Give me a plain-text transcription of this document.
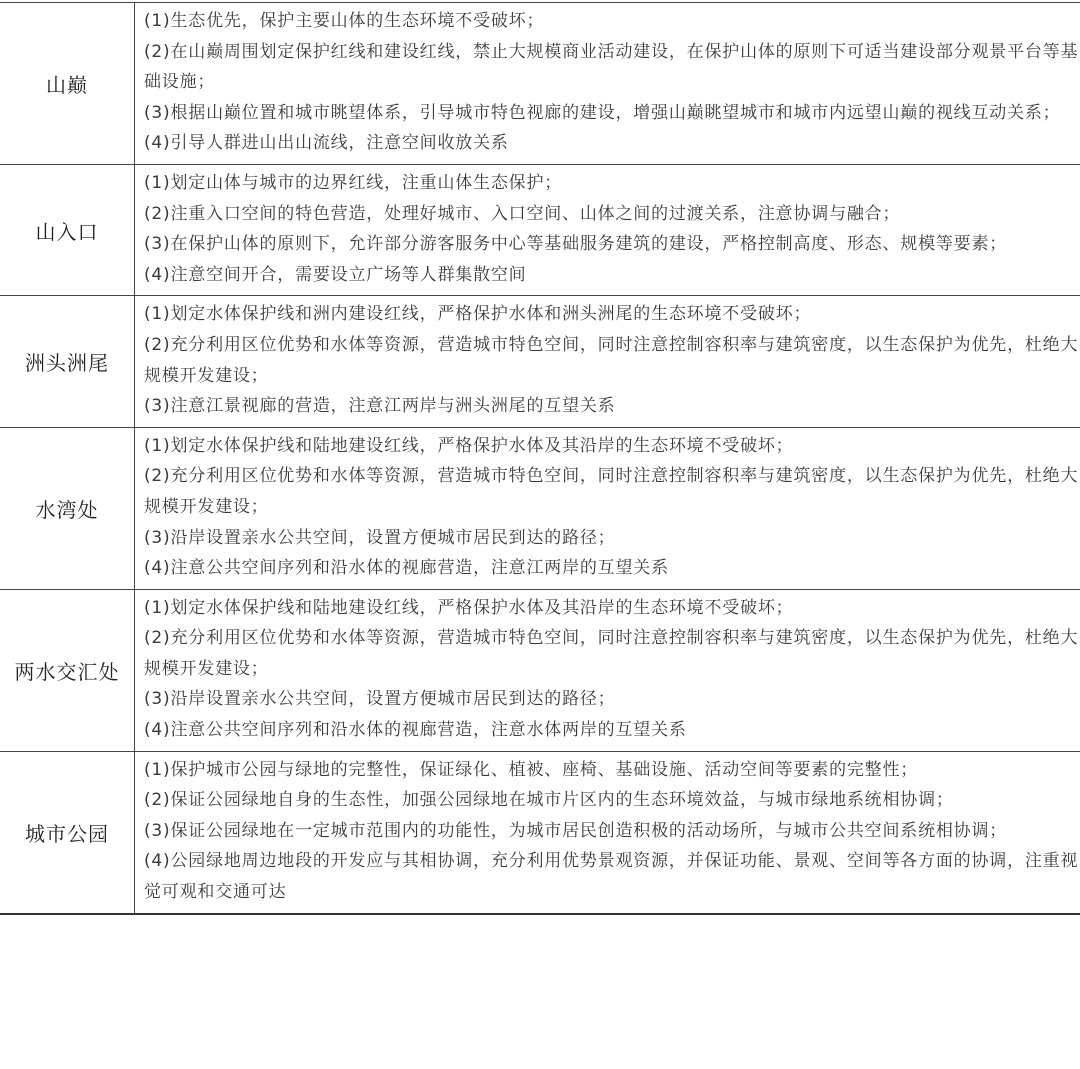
山巅	(1)生态优先，保护主要山体的生态环境不受破坏；
(2)在山巅周围划定保护红线和建设红线，禁止大规模商业活动建设，在保护山体的原则下可适当建设部分观景平台等基础设施；
(3)根据山巅位置和城市眺望体系，引导城市特色视廊的建设，增强山巅眺望城市和城市内远望山巅的视线互动关系；
(4)引导人群进山出山流线，注意空间收放关系

山入口	(1)划定山体与城市的边界红线，注重山体生态保护；
(2)注重入口空间的特色营造，处理好城市、入口空间、山体之间的过渡关系，注意协调与融合；
(3)在保护山体的原则下，允许部分游客服务中心等基础服务建筑的建设，严格控制高度、形态、规模等要素；
(4)注意空间开合，需要设立广场等人群集散空间

洲头洲尾	(1)划定水体保护线和洲内建设红线，严格保护水体和洲头洲尾的生态环境不受破坏；
(2)充分利用区位优势和水体等资源，营造城市特色空间，同时注意控制容积率与建筑密度，以生态保护为优先，杜绝大规模开发建设；
(3)注意江景视廊的营造，注意江两岸与洲头洲尾的互望关系

水湾处	(1)划定水体保护线和陆地建设红线，严格保护水体及其沿岸的生态环境不受破坏；
(2)充分利用区位优势和水体等资源，营造城市特色空间，同时注意控制容积率与建筑密度，以生态保护为优先，杜绝大规模开发建设；
(3)沿岸设置亲水公共空间，设置方便城市居民到达的路径；
(4)注意公共空间序列和沿水体的视廊营造，注意江两岸的互望关系

两水交汇处	(1)划定水体保护线和陆地建设红线，严格保护水体及其沿岸的生态环境不受破坏；
(2)充分利用区位优势和水体等资源，营造城市特色空间，同时注意控制容积率与建筑密度，以生态保护为优先，杜绝大规模开发建设；
(3)沿岸设置亲水公共空间，设置方便城市居民到达的路径；
(4)注意公共空间序列和沿水体的视廊营造，注意水体两岸的互望关系

城市公园	(1)保护城市公园与绿地的完整性，保证绿化、植被、座椅、基础设施、活动空间等要素的完整性；
(2)保证公园绿地自身的生态性，加强公园绿地在城市片区内的生态环境效益，与城市绿地系统相协调；
(3)保证公园绿地在一定城市范围内的功能性，为城市居民创造积极的活动场所，与城市公共空间系统相协调；
(4)公园绿地周边地段的开发应与其相协调，充分利用优势景观资源，并保证功能、景观、空间等各方面的协调，注重视觉可观和交通可达
